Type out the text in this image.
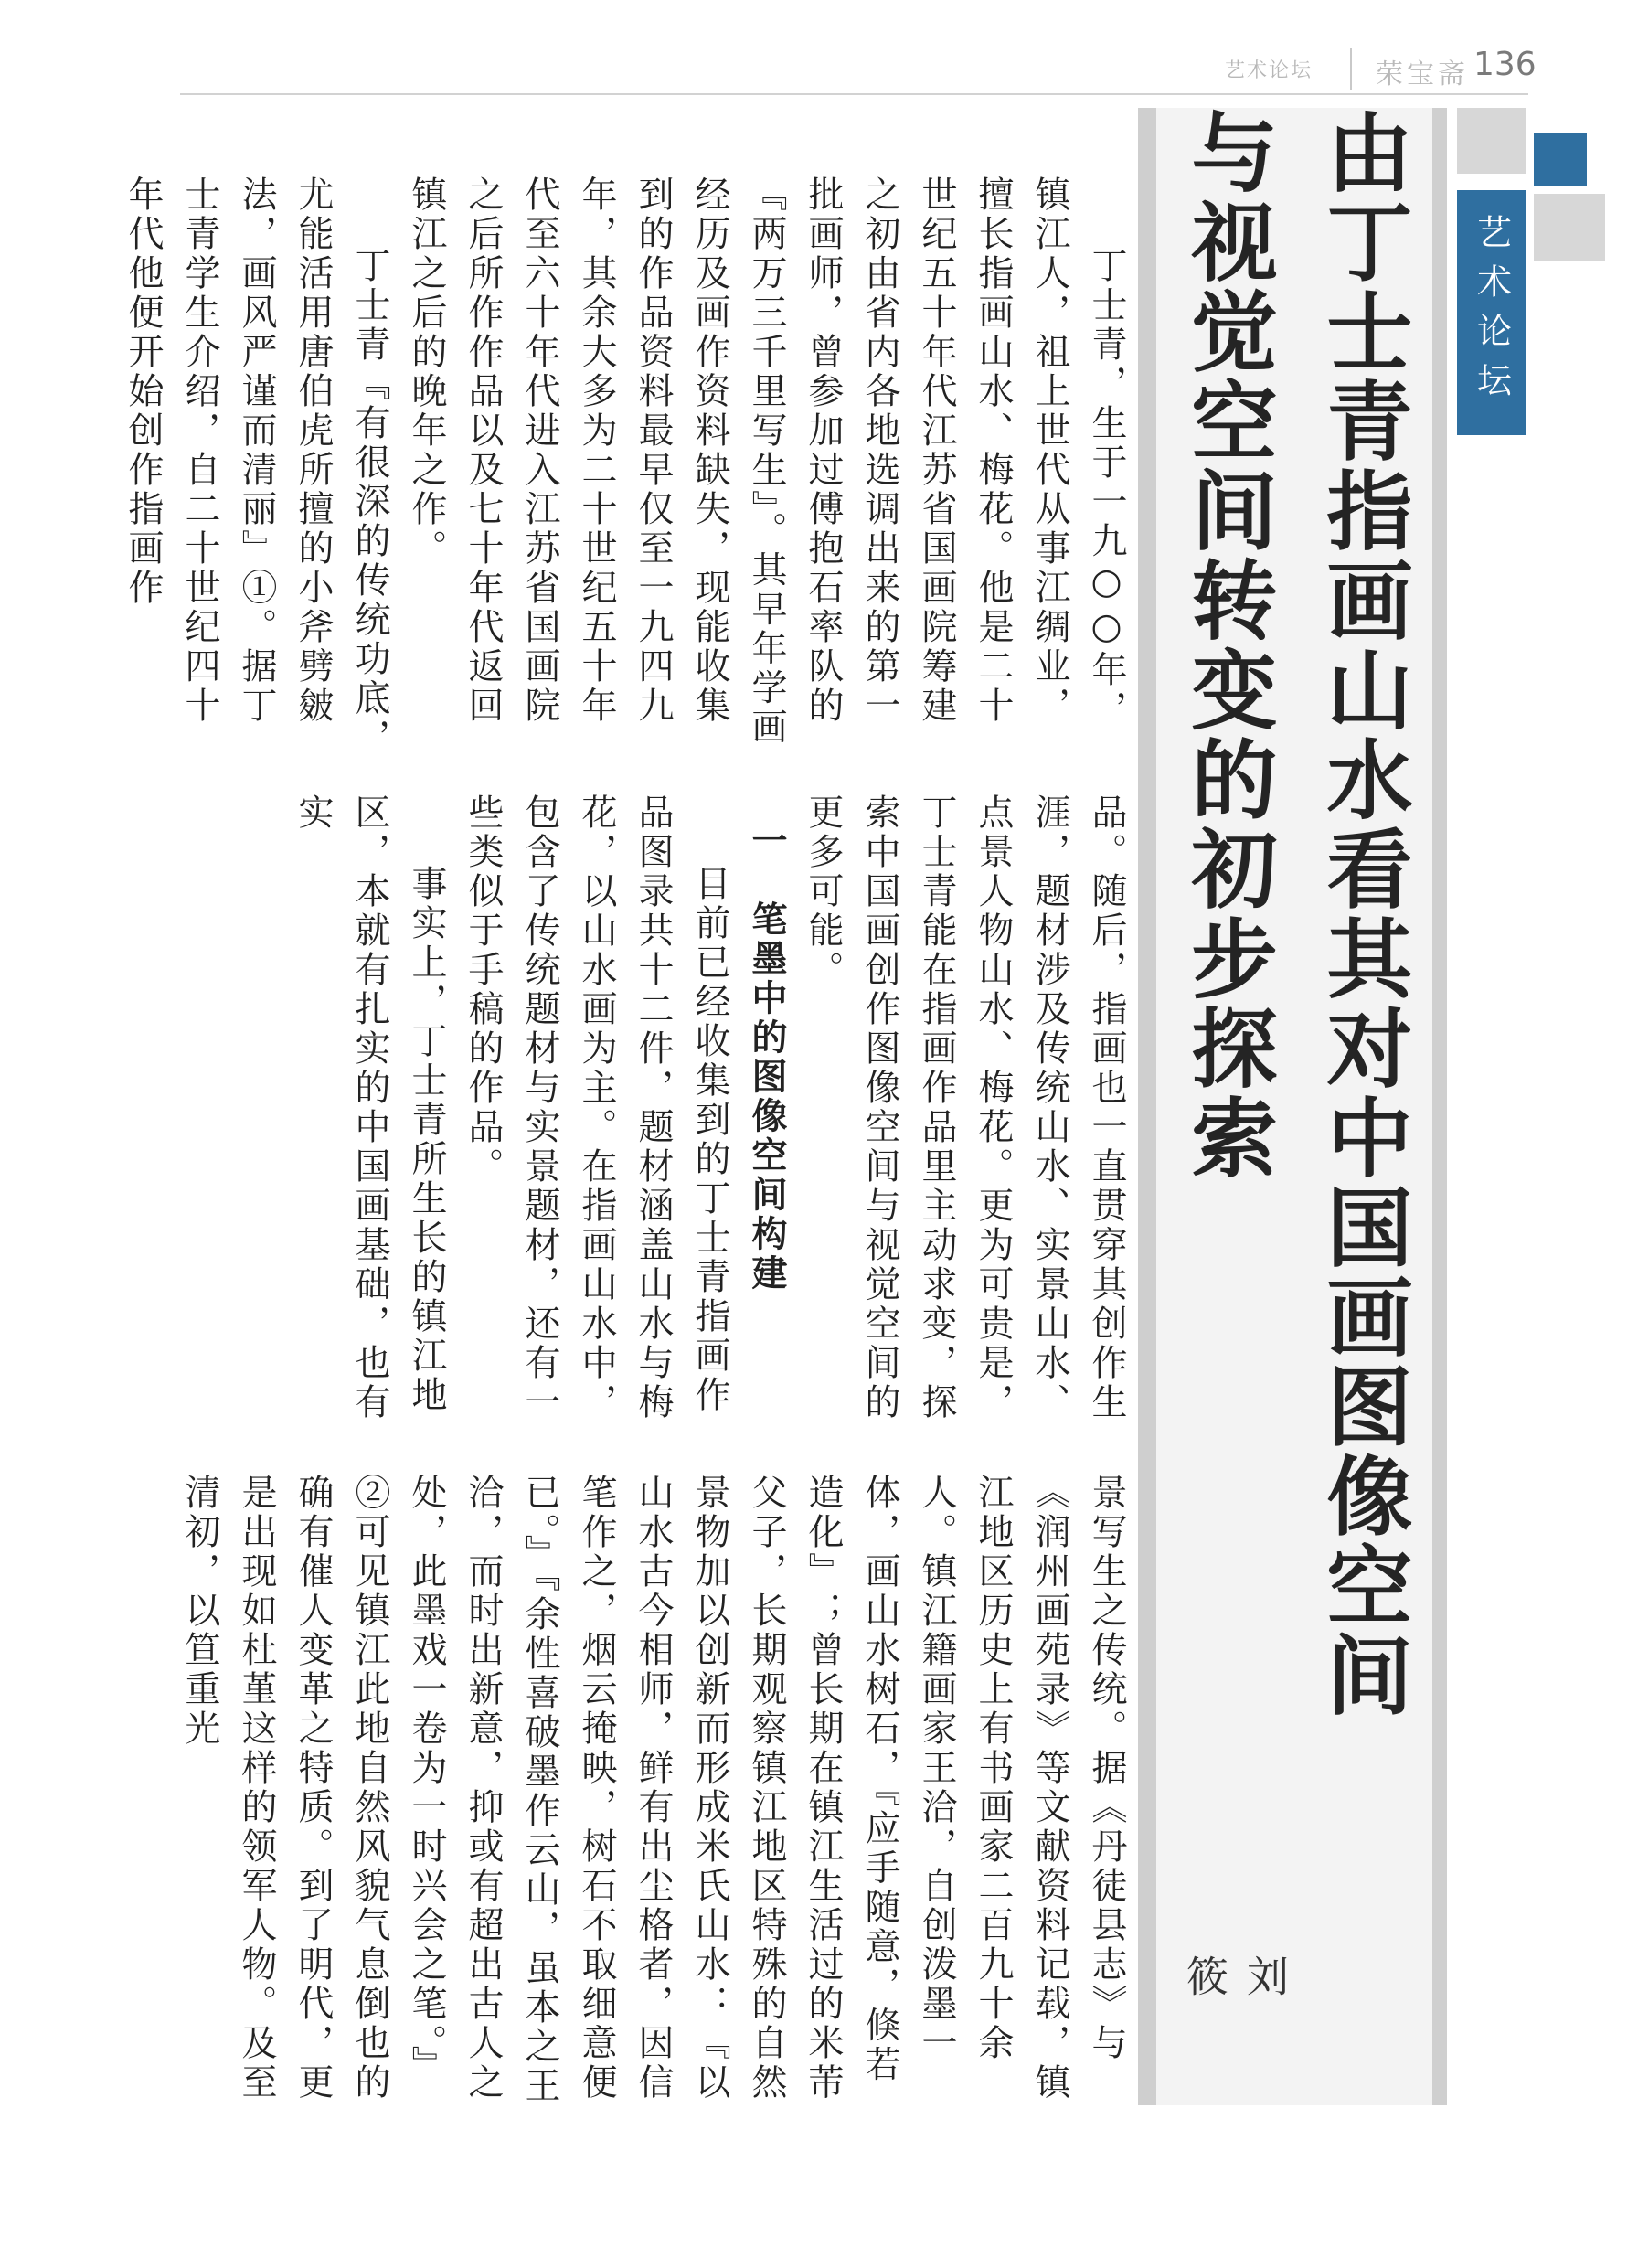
艺术论坛 荣宝斋 136
艺术论坛
由丁士青指画山水看其对中国画图像空间
与视觉空间转变的初步探索
刘筱

丁士青，生于一九○○年，镇江人，祖上世代从事江绸业，擅长指画山水、梅花。他是二十世纪五十年代江苏省国画院筹建之初由省内各地选调出来的第一批画师，曾参加过傅抱石率队的『两万三千里写生』。其早年学画经历及画作资料缺失，现能收集到的作品资料最早仅至一九四九年，其余大多为二十世纪五十年代至六十年代进入江苏省国画院之后所作作品以及七十年代返回镇江之后的晚年之作。

丁士青『有很深的传统功底，尤能活用唐伯虎所擅的小斧劈皴法，画风严谨而清丽』①。据丁士青学生介绍，自二十世纪四十年代他便开始创作指画作

品。随后，指画也一直贯穿其创作生涯，题材涉及传统山水、实景山水、点景人物山水、梅花。更为可贵是，丁士青能在指画作品里主动求变，探索中国画创作图像空间与视觉空间的更多可能。

一　笔墨中的图像空间构建

目前已经收集到的丁士青指画作品图录共十二件，题材涵盖山水与梅花，以山水画为主。在指画山水中，包含了传统题材与实景题材，还有一些类似于手稿的作品。

事实上，丁士青所生长的镇江地区，本就有扎实的中国画基础，也有实

景写生之传统。据《丹徒县志》与《润州画苑录》等文献资料记载，镇江地区历史上有书画家二百九十余人。镇江籍画家王洽，自创泼墨一体，画山水树石，『应手随意，倏若造化』；曾长期在镇江生活过的米芾父子，长期观察镇江地区特殊的自然景物加以创新而形成米氏山水：『以山水古今相师，鲜有出尘格者，因信笔作之，烟云掩映，树石不取细意便已。』『余性喜破墨作云山，虽本之王洽，而时出新意，抑或有超出古人之处，此墨戏一卷为一时兴会之笔。』②可见镇江此地自然风貌气息倒也的确有催人变革之特质。到了明代，更是出现如杜堇这样的领军人物。及至清初，以笪重光
